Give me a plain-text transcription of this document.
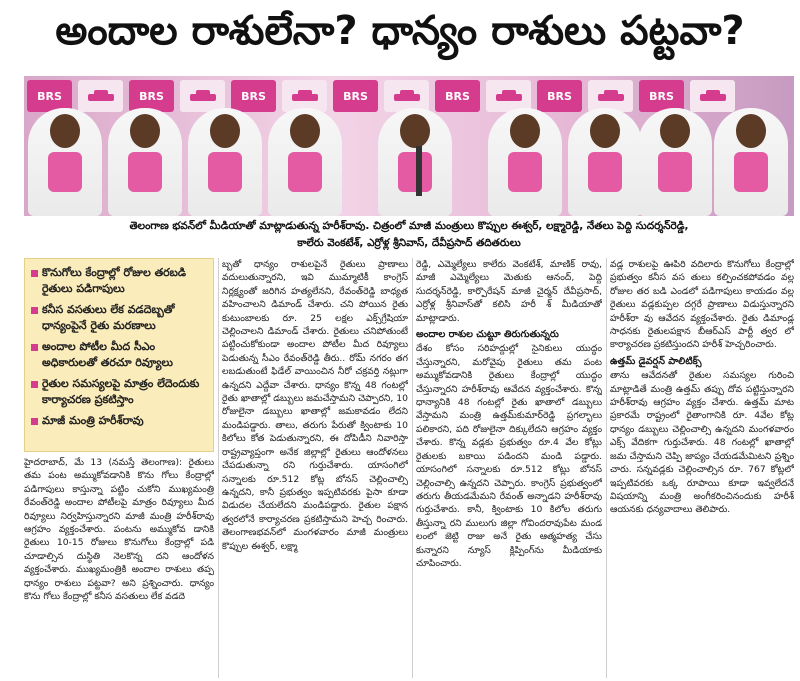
అందాల రాశులేనా? ధాన్యం రాశులు పట్టవా?
BRS	BRS	BRS	BRS	BRS	BRS	BRS
తెలంగాణ భవన్‌లో మీడియాతో మాట్లాడుతున్న హరీశ్‌రావు. చిత్రంలో మాజీ మంత్రులు కొప్పుల ఈశ్వర్, లక్ష్మారెడ్డి, నేతలు పెద్ది సుదర్శన్‌రెడ్డి,
కాలేరు వెంకటేశ్, ఎర్రోళ్ల శ్రీనివాస్, దేవీప్రసాద్ తదితరులు
కొనుగోలు కేంద్రాల్లో రోజుల తరబడి రైతులు పడిగాపులు
కనీస వసతులు లేక వడదెబ్బతో ధాన్యంపైనే రైతు మరణాలు
అందాల పోటీల మీద సీఎం అధికారులతో తరచూ రివ్యూలు
రైతుల సమస్యలపై మాత్రం లేదెందుకు కార్యాచరణ ప్రకటిస్తాం
మాజీ మంత్రి హరీశ్‌రావు

హైదరాబాద్, మే 13 (నమస్తే తెలంగాణ): రైతులు తమ పంట అమ్ముకోవడానికి కొను గోలు కేంద్రాల్లో పడిగాపులు కాస్తున్నా పట్టిం చుకోని ముఖ్యమంత్రి రేవంత్‌రెడ్డి అందాల పోటీలపై మాత్రం రివ్యూలు మీద రివ్యూలు నిర్వహిస్తున్నారని మాజీ మంత్రి హరీశ్‌రావు ఆగ్రహం వ్యక్తంచేశారు. పంటను అమ్ముకోవ డానికి రైతులు 10-15 రోజులు కొనుగోలు కేంద్రాల్లో పడి చూడాల్సిన దుస్థితి నెలకొన్న దని ఆందోళన వ్యక్తంచేశారు. ముఖ్యమంత్రికి అందాల రాశులు తప్ప ధాన్యం రాశులు పట్టవా? అని ప్రశ్నించారు. ధాన్యం కొను గోలు కేంద్రాల్లో కనీస వసతులు లేక వడదె

బ్బతో ధాన్యం రాశులపైనే రైతులు ప్రాణాలు వదులుతున్నారని, ఇవి ముమ్మాటికీ కాంగ్రెస్ నిర్లక్ష్యంతో జరిగిన హత్యలేనని, రేవంత్‌రెడ్డి బాధ్యత వహించాలని డిమాండ్ చేశారు. చని పోయిన రైతు కుటుంబాలకు రూ. 25 లక్షల ఎక్స్‌గ్రేషియా చెల్లించాలని డిమాండ్ చేశారు. రైతులు చనిపోతుంటే పట్టించుకోకుండా అందాల పోటీల మీద రివ్యూలు పెడుతున్న సీఎం రేవంత్‌రెడ్డి తీరు.. రోమ్ నగరం తగ లబడుతుంటే ఫిడేల్ వాయించిన నీరో చక్రవర్తి నట్లుగా ఉన్నదని ఎద్దేవా చేశారు. ధాన్యం కొన్న 48 గంటల్లో రైతు ఖాతాల్లో డబ్బులు జమచేస్తామని చెప్పారని, 10 రోజులైనా డబ్బులు ఖాతాల్లో జమకావడం లేదని మండిపడ్డారు. తాలు, తరుగు పేరుతో క్వింటాకు 10 కిలోలు కోత పెడుతున్నారని, ఈ దోపిడీని నివారిస్తా రాష్ట్రవ్యాప్తంగా అనేక జిల్లాల్లో రైతులు ఆందోళనలు చేపడుతున్నా రని గుర్తుచేశారు. యాసంగిలో సన్నాలకు రూ.512 కోట్ల బోనస్ చెల్లించాల్సి ఉన్నదని, కానీ ప్రభుత్వం ఇప్పటివరకు పైసా కూడా విడుదల చేయలేదని మండిపడ్డారు. రైతుల పక్షాన త్వరలోనే కార్యాచరణ ప్రకటిస్తామని హెచ్చ రించారు. తెలంగాణభవన్‌లో మంగళవారం మాజీ మంత్రులు కొప్పుల ఈశ్వర్, లక్ష్మా

రెడ్డి, ఎమ్మెల్యేలు కాలేరు వెంకటేశ్, మాణిక్ రావు, మాజీ ఎమ్మెల్యేలు మెతుకు ఆనంద్, పెద్ది సుదర్శన్‌రెడ్డి, కార్పొరేషన్ మాజీ చైర్మన్ దేవీప్రసాద్, ఎర్రోళ్ల శ్రీనివాస్‌తో కలిసి హరీ శ్ మీడియాతో మాట్లాడారు.

అందాల రాశుల చుట్టూ తిరుగుతున్నరు

దేశం కోసం సరిహద్దుల్లో సైనికులు యుద్ధం చేస్తున్నారని, మరోవైపు రైతులు తమ పంట అమ్ముకోవడానికి రైతులు కేంద్రాల్లో యుద్ధం చేస్తున్నారని హరీశ్‌రావు ఆవేదన వ్యక్తంచేశారు. కొన్న ధాన్యానికి 48 గంటల్లో రైతు ఖాతాలో డబ్బులు వేస్తామని మంత్రి ఉత్తమ్‌కుమార్‌రెడ్డి ప్రగల్భాలు పలికారని, పది రోజులైనా దిక్కులేదని ఆగ్రహం వ్యక్తం చేశారు. కొన్న వడ్లకు ప్రభుత్వం రూ.4 వేల కోట్లు రైతులకు బకాయి పడిందని మండి పడ్డారు. యాసంగిలో సన్నాలకు రూ.512 కోట్లు బోనస్ చెల్లించాల్సి ఉన్నదని చెప్పారు. కాంగ్రెస్ ప్రభుత్వంలో తరుగు తీయడమేమని రేవంత్ అన్నాడని హరీశ్‌రావు గుర్తుచేశారు. కానీ, క్వింటాకు 10 కిలోల తరుగు తీస్తున్నా రని ములుగు జిల్లా గోవిందరావుపేట మండ లంలో జెట్టి రాజు అనే రైతు ఆత్మహత్య చేసు కున్నారని న్యూస్ క్లిప్పింగ్‌ను మీడియాకు చూపించారు.

వడ్ల రాశులపై ఊపిరి వదిలారు కొనుగోలు కేంద్రాల్లో ప్రభుత్వం కనీస వస తులు కల్పించకపోవడం వల్ల రోజుల తర బడి ఎండలో పడిగాపులు కాయడం వల్ల రైతులు వడ్లకుప్పల దగ్గరే ప్రాణాలు విడుస్తున్నారని హరీశ్‌రా వు ఆవేదన వ్యక్తంచేశారు. రైతు డిమాండ్ల సాధనకు రైతులపక్షాన బీఆర్‌ఎస్ పార్టీ త్వర లో కార్యాచరణ ప్రకటిస్తుందని హరీశ్ హెచ్చరించారు.

ఉత్తమ్ డైవర్షన్ పాలిటిక్స్

తాను ఆవేదనతో రైతుల సమస్యల గురించి మాట్లాడితే మంత్రి ఉత్తమ్ తప్పు దోవ పట్టిస్తున్నారని హరీశ్‌రావు ఆగ్రహం వ్యక్తం చేశారు. ఉత్తమ్ మాట ప్రకారమే రాష్ట్రంలో రైతాంగానికి రూ. 4వేల కోట్ల ధాన్యం డబ్బులు చెల్లించాల్సి ఉన్నదని మంగళవారం ఎక్స్ వేదికగా గుర్తుచేశారు. 48 గంటల్లో ఖాతాల్లో జమ చేస్తామని చెప్పి జాప్యం చేయడమేమిటని ప్రశ్నిం చారు. సన్నవడ్లకు చెల్లించాల్సిన రూ. 767 కోట్లలో ఇప్పటివరకు ఒక్క రూపాయి కూడా ఇవ్వలేదనే విషయాన్ని మంత్రి అంగీకరించినందుకు హరీశ్ ఆయనకు ధన్యవాదాలు తెలిపారు.
